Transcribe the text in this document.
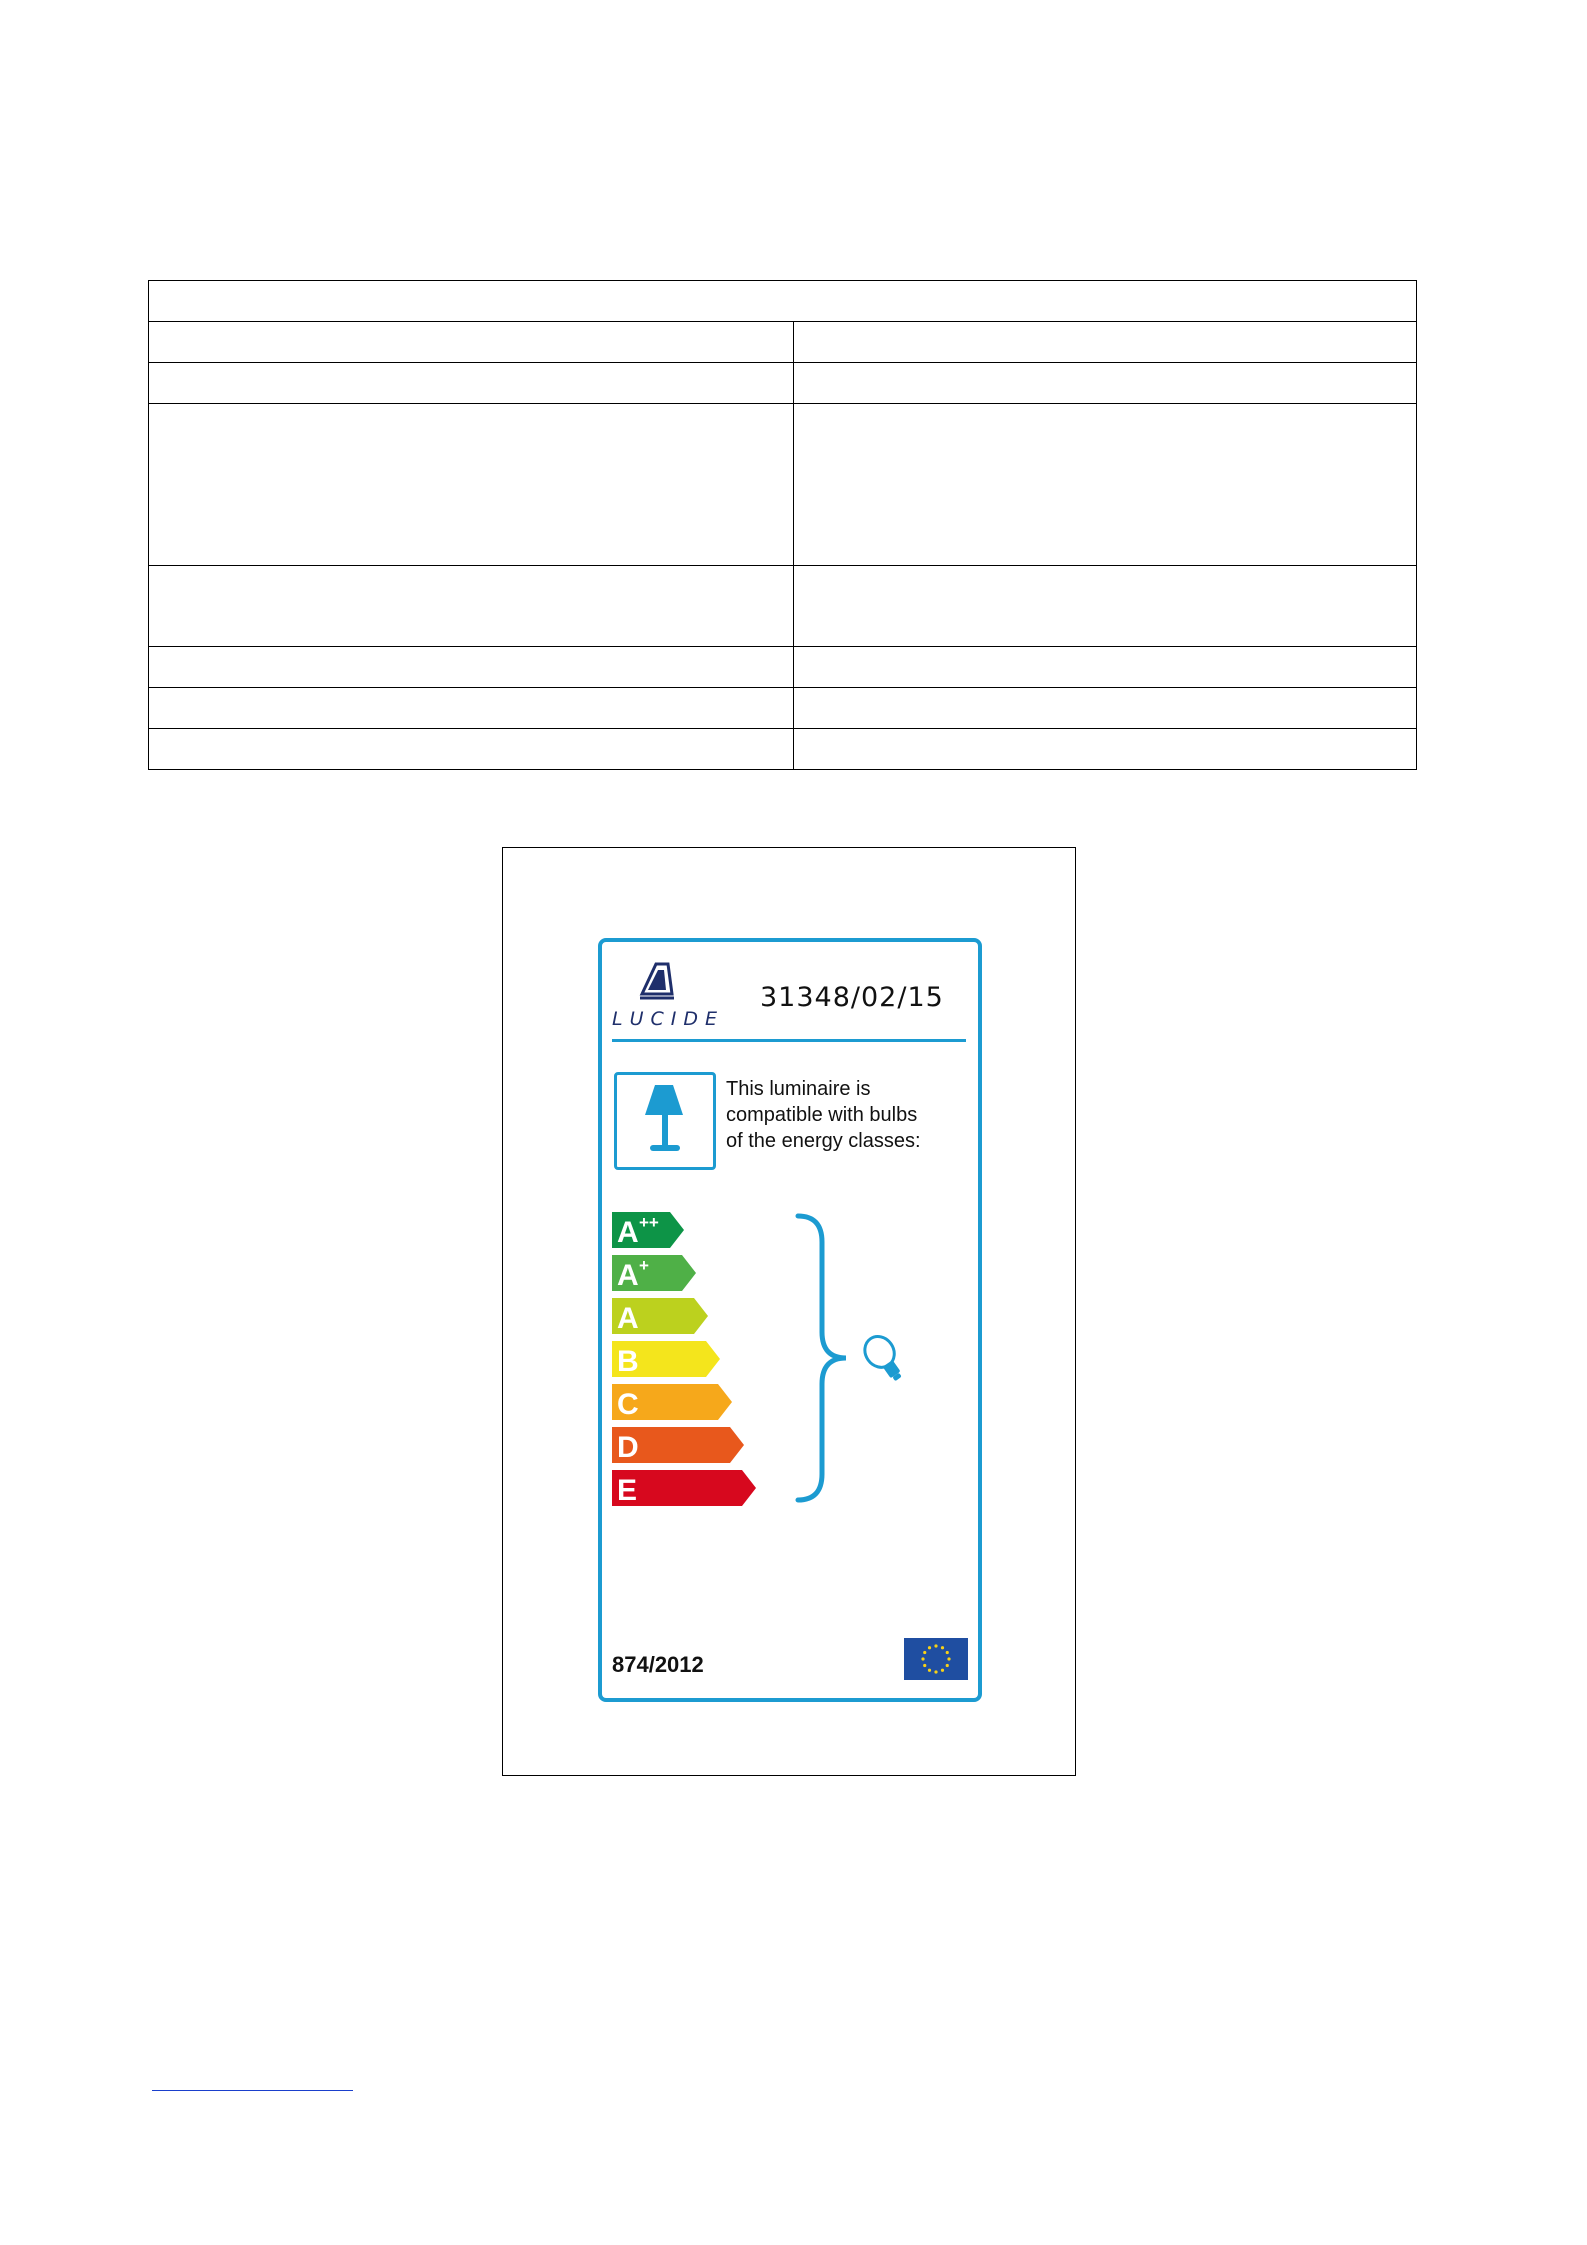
LUCIDE
31348/02/15
This luminaire is
compatible with bulbs
of the energy classes:
A ++
A +
A
B
C
D
E
874/2012
